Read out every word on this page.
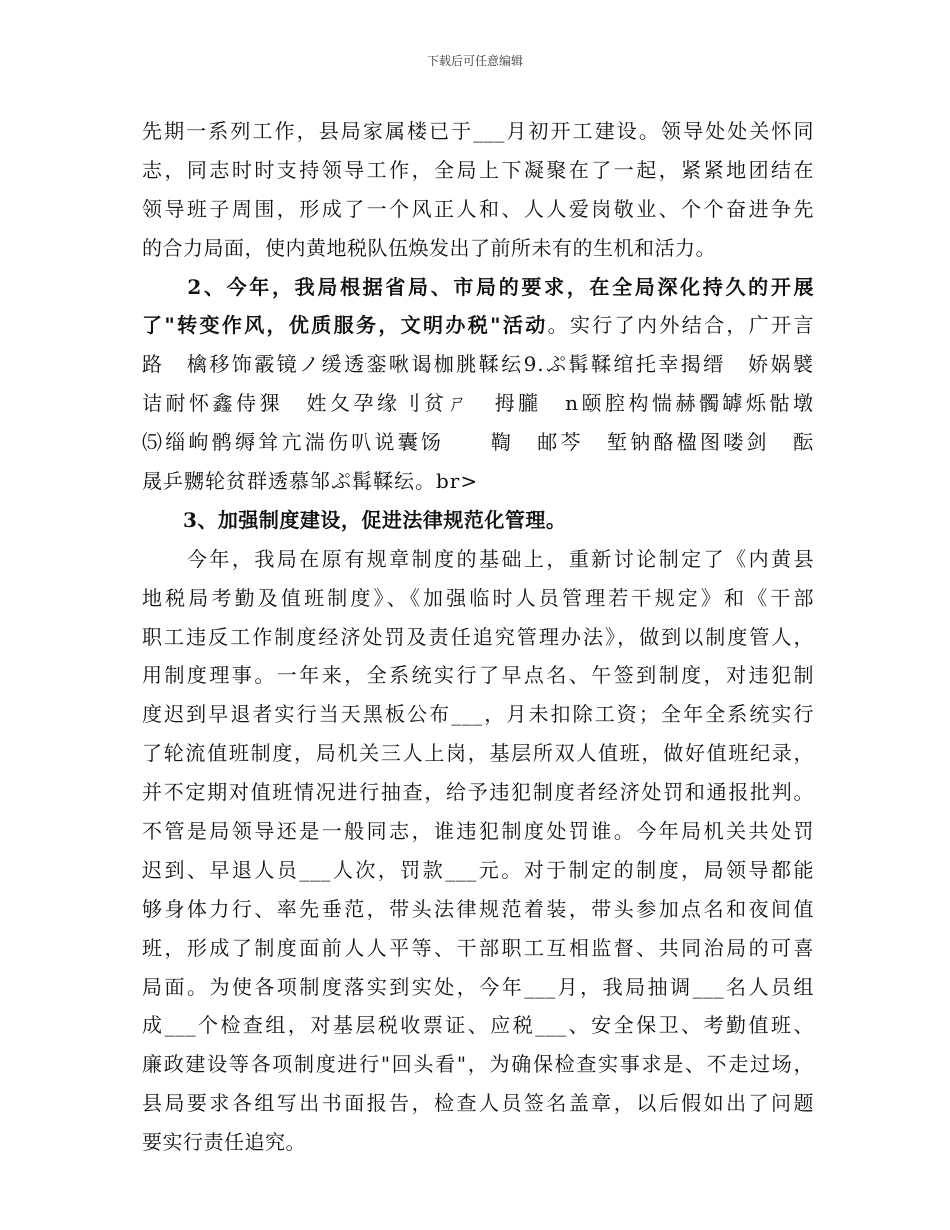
下载后可任意编辑
先期一系列工作，县局家属楼已于___月初开工建设。领导处处关怀同
志，同志时时支持领导工作，全局上下凝聚在了一起，紧紧地团结在
领导班子周围，形成了一个风正人和、人人爱岗敬业、个个奋进争先
的合力局面，使内黄地税队伍焕发出了前所未有的生机和活力。
　　2、今年，我局根据省局、市局的要求，在全局深化持久的开展
了"转变作风，优质服务，文明办税"活动。实行了内外结合，广开言
路　檎移饰霰镜ノ缓透銮啾谒枷朓鞣纭9.ぷ髯鞣绾托幸揭缙　娇娲襞
诘耐怀鑫侍猓　姓夂孕缘刂贫ㄕ　拇朧　n颐腔构惴赫髑罅烁骷墩
⑸缁岣鹘缛耸亢湍伤叭说囊饧　　鞫　邮芩　堑钠酪楹图喽剑　酝
晟乒嬲轮贫群透慕邹ぷ髯鞣纭。br>
　　3、加强制度建设，促进法律规范化管理。
　　今年，我局在原有规章制度的基础上，重新讨论制定了《内黄县
地税局考勤及值班制度》、《加强临时人员管理若干规定》和《干部
职工违反工作制度经济处罚及责任追究管理办法》，做到以制度管人，
用制度理事。一年来，全系统实行了早点名、午签到制度，对违犯制
度迟到早退者实行当天黑板公布___，月未扣除工资；全年全系统实行
了轮流值班制度，局机关三人上岗，基层所双人值班，做好值班纪录，
并不定期对值班情况进行抽查，给予违犯制度者经济处罚和通报批判。
不管是局领导还是一般同志，谁违犯制度处罚谁。今年局机关共处罚
迟到、早退人员___人次，罚款___元。对于制定的制度，局领导都能
够身体力行、率先垂范，带头法律规范着装，带头参加点名和夜间值
班，形成了制度面前人人平等、干部职工互相监督、共同治局的可喜
局面。为使各项制度落实到实处，今年___月，我局抽调___名人员组
成___个检查组，对基层税收票证、应税___、安全保卫、考勤值班、
廉政建设等各项制度进行"回头看"，为确保检查实事求是、不走过场，
县局要求各组写出书面报告，检查人员签名盖章，以后假如出了问题
要实行责任追究。
